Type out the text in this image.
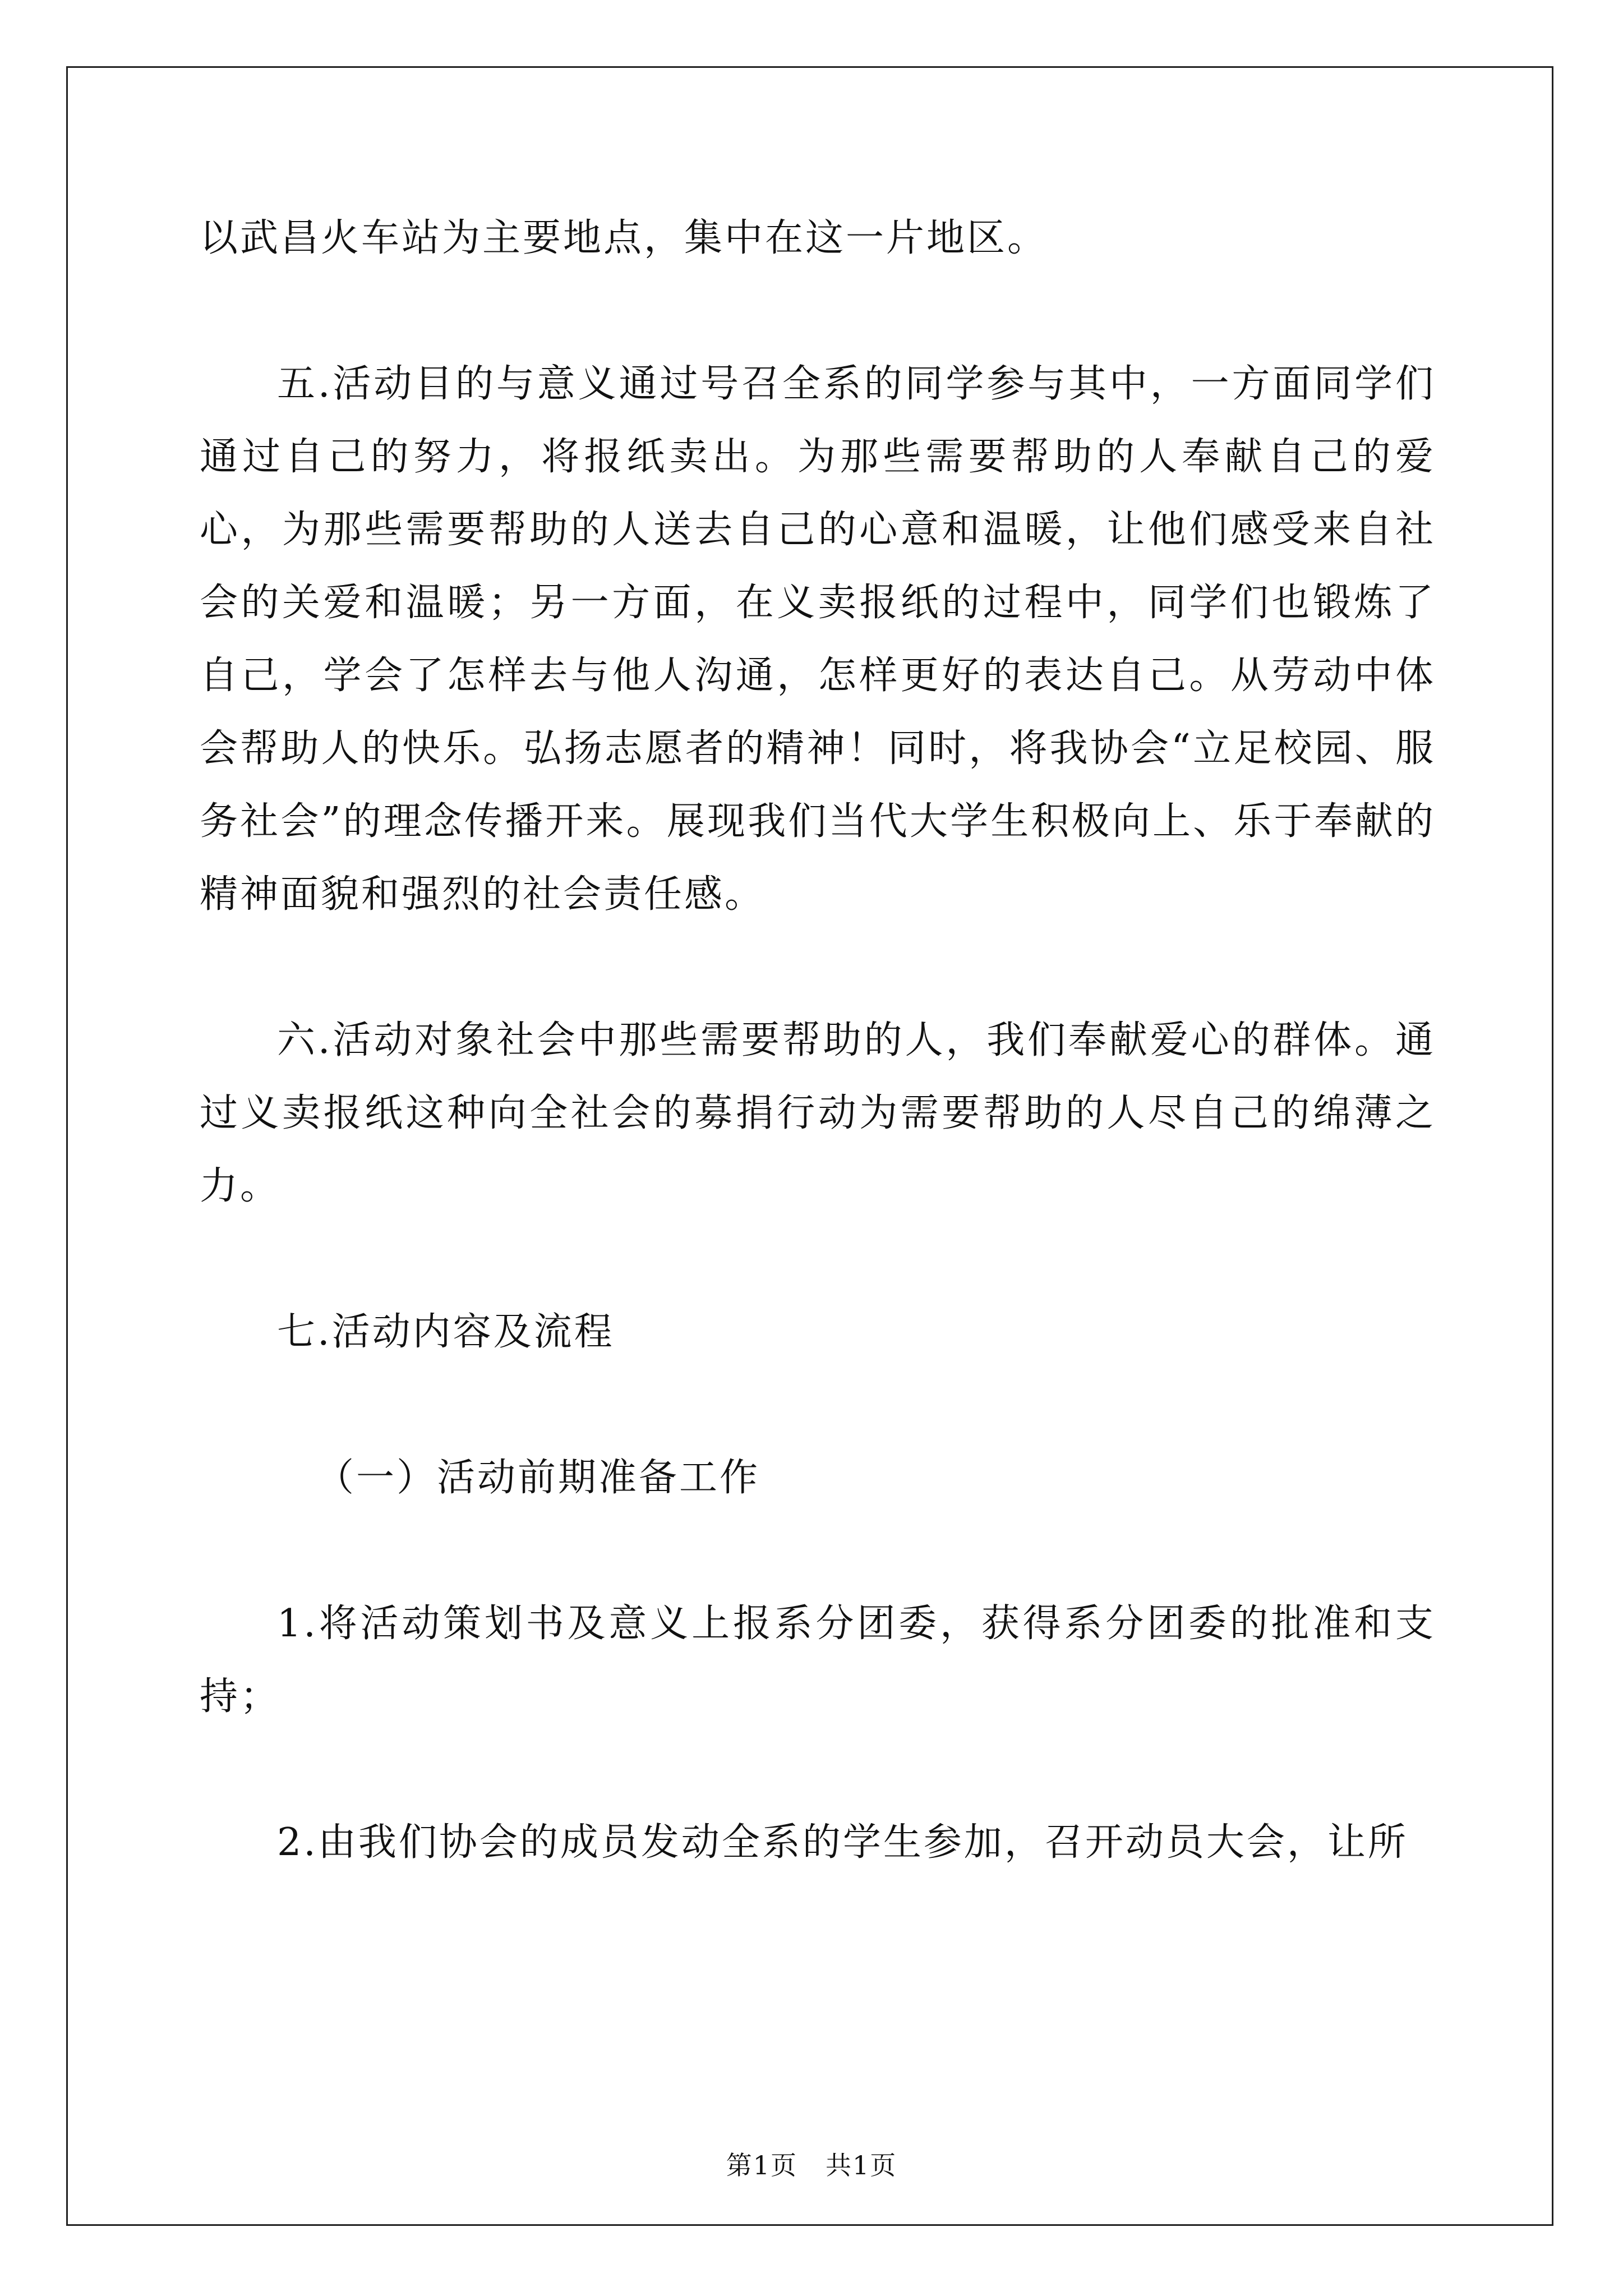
以武昌火车站为主要地点，集中在这一片地区。

五.活动目的与意义通过号召全系的同学参与其中，一方面同学们通过自己的努力，将报纸卖出。为那些需要帮助的人奉献自己的爱心，为那些需要帮助的人送去自己的心意和温暖，让他们感受来自社会的关爱和温暖；另一方面，在义卖报纸的过程中，同学们也锻炼了自己，学会了怎样去与他人沟通，怎样更好的表达自己。从劳动中体会帮助人的快乐。弘扬志愿者的精神！同时，将我协会“立足校园、服务社会”的理念传播开来。展现我们当代大学生积极向上、乐于奉献的精神面貌和强烈的社会责任感。

六.活动对象社会中那些需要帮助的人，我们奉献爱心的群体。通过义卖报纸这种向全社会的募捐行动为需要帮助的人尽自己的绵薄之力。

七.活动内容及流程

（一）活动前期准备工作

1.将活动策划书及意义上报系分团委，获得系分团委的批准和支持；

2.由我们协会的成员发动全系的学生参加，召开动员大会，让所

第1页 共1页
